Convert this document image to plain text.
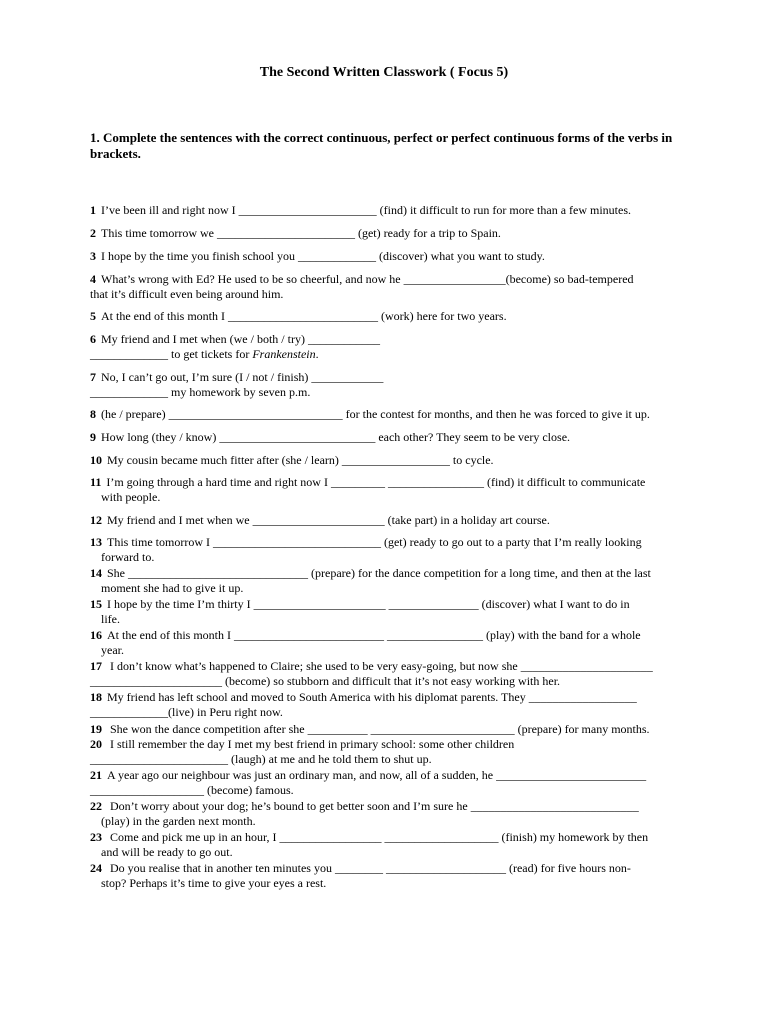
The Second Written Classwork ( Focus 5)
1. Complete the sentences with the correct continuous, perfect or perfect continuous forms of the verbs in brackets.
1 I’ve been ill and right now I _______________________ (find) it difficult to run for more than a few minutes.
2 This time tomorrow we _______________________ (get) ready for a trip to Spain.
3 I hope by the time you finish school you _____________ (discover) what you want to study.
4 What’s wrong with Ed? He used to be so cheerful, and now he _________________(become) so bad-tempered
that it’s difficult even being around him.
5 At the end of this month I _________________________ (work) here for two years.
6 My friend and I met when (we / both / try) ____________
_____________ to get tickets for Frankenstein.
7 No, I can’t go out, I’m sure (I / not / finish) ____________
_____________ my homework by seven p.m.
8 (he / prepare) _____________________________ for the contest for months, and then he was forced to give it up.
9 How long (they / know) __________________________ each other? They seem to be very close.
10 My cousin became much fitter after (she / learn) __________________ to cycle.
11 I’m going through a hard time and right now I _________ ________________ (find) it difficult to communicate
with people.
12 My friend and I met when we ______________________ (take part) in a holiday art course.
13 This time tomorrow I ____________________________ (get) ready to go out to a party that I’m really looking
forward to.
14 She ______________________________ (prepare) for the dance competition for a long time, and then at the last
moment she had to give it up.
15 I hope by the time I’m thirty I ______________________ _______________ (discover) what I want to do in
life.
16 At the end of this month I _________________________ ________________ (play) with the band for a whole
year.
17 I don’t know what’s happened to Claire; she used to be very easy-going, but now she ______________________
______________________ (become) so stubborn and difficult that it’s not easy working with her.
18 My friend has left school and moved to South America with his diplomat parents. They __________________
_____________(live) in Peru right now.
19 She won the dance competition after she __________ ________________________ (prepare) for many months.
20 I still remember the day I met my best friend in primary school: some other children
_______________________ (laugh) at me and he told them to shut up.
21 A year ago our neighbour was just an ordinary man, and now, all of a sudden, he _________________________
___________________ (become) famous.
22 Don’t worry about your dog; he’s bound to get better soon and I’m sure he ____________________________
(play) in the garden next month.
23 Come and pick me up in an hour, I _________________ ___________________ (finish) my homework by then
and will be ready to go out.
24 Do you realise that in another ten minutes you ________ ____________________ (read) for five hours non-
stop? Perhaps it’s time to give your eyes a rest.
